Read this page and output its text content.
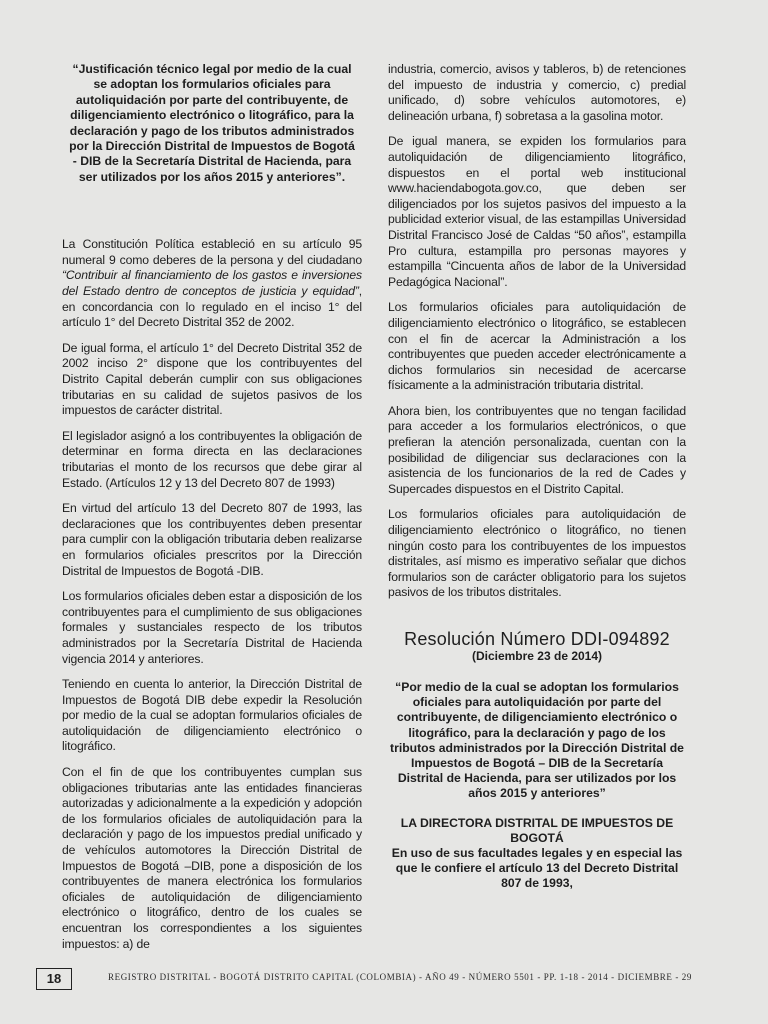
“Justificación técnico legal por medio de la cual se adoptan los formularios oficiales para autoliquidación por parte del contribuyente, de diligenciamiento electrónico o litográfico, para la declaración y pago de los tributos administrados por la Dirección Distrital de Impuestos de Bogotá - DIB de la Secretaría Distrital de Hacienda, para ser utilizados por los años 2015 y anteriores”.

La Constitución Política estableció en su artículo 95 numeral 9 como deberes de la persona y del ciudadano “Contribuir al financiamiento de los gastos e inversiones del Estado dentro de conceptos de justicia y equidad”, en concordancia con lo regulado en el inciso 1° del artículo 1° del Decreto Distrital 352 de 2002.

De igual forma, el artículo 1° del Decreto Distrital 352 de 2002 inciso 2° dispone que los contribuyentes del Distrito Capital deberán cumplir con sus obligaciones tributarias en su calidad de sujetos pasivos de los impuestos de carácter distrital.

El legislador asignó a los contribuyentes la obligación de determinar en forma directa en las declaraciones tributarias el monto de los recursos que debe girar al Estado. (Artículos 12 y 13 del Decreto 807 de 1993)

En virtud del artículo 13 del Decreto 807 de 1993, las declaraciones que los contribuyentes deben presentar para cumplir con la obligación tributaria deben realizarse en formularios oficiales prescritos por la Dirección Distrital de Impuestos de Bogotá -DIB.

Los formularios oficiales deben estar a disposición de los contribuyentes para el cumplimiento de sus obligaciones formales y sustanciales respecto de los tributos administrados por la Secretaría Distrital de Hacienda vigencia 2014 y anteriores.

Teniendo en cuenta lo anterior, la Dirección Distrital de Impuestos de Bogotá DIB debe expedir la Resolución por medio de la cual se adoptan formularios oficiales de autoliquidación de diligenciamiento electrónico o litográfico.

Con el fin de que los contribuyentes cumplan sus obligaciones tributarias ante las entidades financieras autorizadas y adicionalmente a la expedición y adopción de los formularios oficiales de autoliquidación para la declaración y pago de los impuestos predial unificado y de vehículos automotores la Dirección Distrital de Impuestos de Bogotá –DIB, pone a disposición de los contribuyentes de manera electrónica los formularios oficiales de autoliquidación de diligenciamiento electrónico o litográfico, dentro de los cuales se encuentran los correspondientes a los siguientes impuestos: a) de

industria, comercio, avisos y tableros, b) de retenciones del impuesto de industria y comercio, c) predial unificado, d) sobre vehículos automotores, e) delineación urbana, f) sobretasa a la gasolina motor.

De igual manera, se expiden los formularios para autoliquidación de diligenciamiento litográfico, dispuestos en el portal web institucional www.haciendabogota.gov.co, que deben ser diligenciados por los sujetos pasivos del impuesto a la publicidad exterior visual, de las estampillas Universidad Distrital Francisco José de Caldas “50 años”, estampilla Pro cultura, estampilla pro personas mayores y estampilla “Cincuenta años de labor de la Universidad Pedagógica Nacional”.

Los formularios oficiales para autoliquidación de diligenciamiento electrónico o litográfico, se establecen con el fin de acercar la Administración a los contribuyentes que pueden acceder electrónicamente a dichos formularios sin necesidad de acercarse físicamente a la administración tributaria distrital.

Ahora bien, los contribuyentes que no tengan facilidad para acceder a los formularios electrónicos, o que prefieran la atención personalizada, cuentan con la posibilidad de diligenciar sus declaraciones con la asistencia de los funcionarios de la red de Cades y Supercades dispuestos en el Distrito Capital.

Los formularios oficiales para autoliquidación de diligenciamiento electrónico o litográfico, no tienen ningún costo para los contribuyentes de los impuestos distritales, así mismo es imperativo señalar que dichos formularios son de carácter obligatorio para los sujetos pasivos de los tributos distritales.

Resolución Número DDI-094892
(Diciembre 23 de 2014)
“Por medio de la cual se adoptan los formularios oficiales para autoliquidación por parte del contribuyente, de diligenciamiento electrónico o litográfico, para la declaración y pago de los tributos administrados por la Dirección Distrital de Impuestos de Bogotá – DIB de la Secretaría Distrital de Hacienda, para ser utilizados por los años 2015 y anteriores”
LA DIRECTORA DISTRITAL DE IMPUESTOS DE BOGOTÁ
En uso de sus facultades legales y en especial las que le confiere el artículo 13 del Decreto Distrital 807 de 1993,
18	REGISTRO DISTRITAL - BOGOTÁ DISTRITO CAPITAL (COLOMBIA) - AÑO 49 - NÚMERO 5501 - PP. 1-18 - 2014 - DICIEMBRE - 29
